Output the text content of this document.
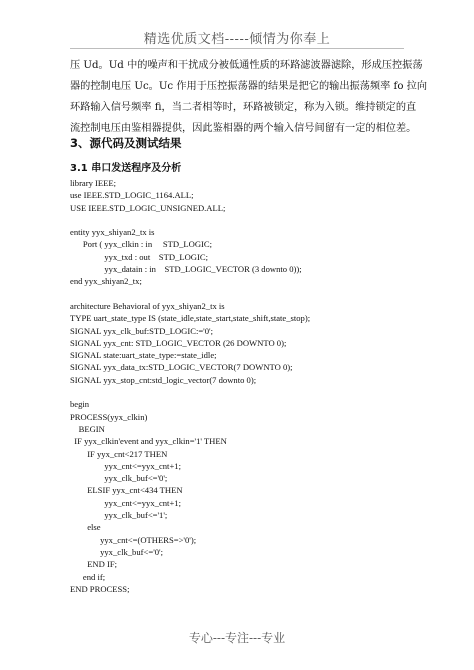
精选优质文档-----倾情为你奉上
压 Ud。Ud 中的噪声和干扰成分被低通性质的环路滤波器滤除，形成压控振荡
器的控制电压 Uc。Uc 作用于压控振荡器的结果是把它的输出振荡频率 fo 拉向
环路输入信号频率 fi，当二者相等时，环路被锁定，称为入锁。维持锁定的直
流控制电压由鉴相器提供，因此鉴相器的两个输入信号间留有一定的相位差。
3、源代码及测试结果
3.1 串口发送程序及分析
library IEEE;
use IEEE.STD_LOGIC_1164.ALL;
USE IEEE.STD_LOGIC_UNSIGNED.ALL;
entity yyx_shiyan2_tx is
Port ( yyx_clkin : in     STD_LOGIC;
yyx_txd : out    STD_LOGIC;
yyx_datain : in    STD_LOGIC_VECTOR (3 downto 0));
end yyx_shiyan2_tx;
architecture Behavioral of yyx_shiyan2_tx is
TYPE uart_state_type IS (state_idle,state_start,state_shift,state_stop);
SIGNAL yyx_clk_buf:STD_LOGIC:='0';
SIGNAL yyx_cnt: STD_LOGIC_VECTOR (26 DOWNTO 0);
SIGNAL state:uart_state_type:=state_idle;
SIGNAL yyx_data_tx:STD_LOGIC_VECTOR(7 DOWNTO 0);
SIGNAL yyx_stop_cnt:std_logic_vector(7 downto 0);
begin
PROCESS(yyx_clkin)
BEGIN
IF yyx_clkin'event and yyx_clkin='1' THEN
IF yyx_cnt<217 THEN
yyx_cnt<=yyx_cnt+1;
yyx_clk_buf<='0';
ELSIF yyx_cnt<434 THEN
yyx_cnt<=yyx_cnt+1;
yyx_clk_buf<='1';
else
yyx_cnt<=(OTHERS=>'0');
yyx_clk_buf<='0';
END IF;
end if;
END PROCESS;
专心---专注---专业
